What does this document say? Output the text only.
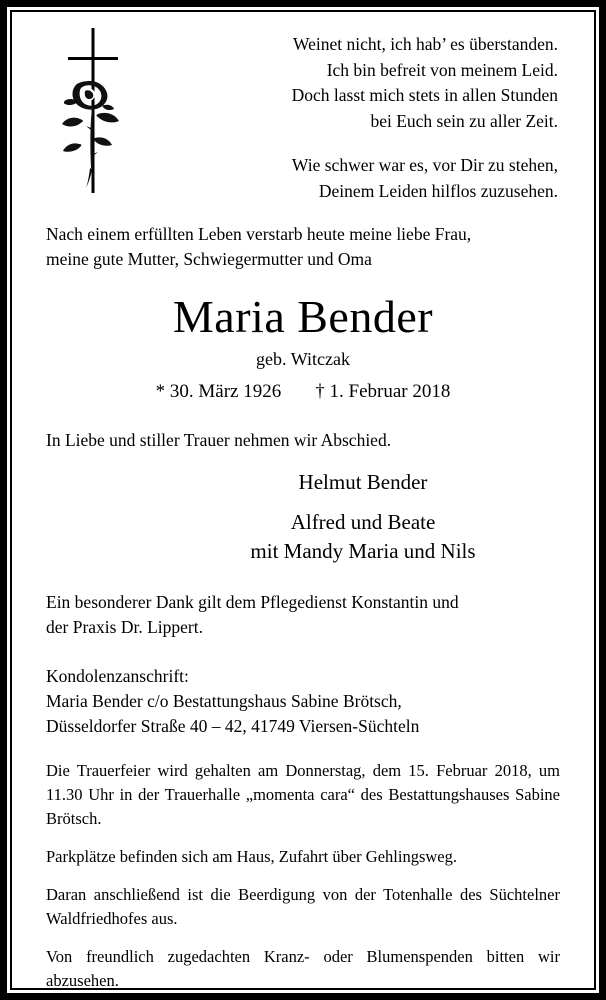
Weinet nicht, ich hab’ es überstanden.
Ich bin befreit von meinem Leid.
Doch lasst mich stets in allen Stunden
bei Euch sein zu aller Zeit.
Wie schwer war es, vor Dir zu stehen,
Deinem Leiden hilflos zuzusehen.
Nach einem erfüllten Leben verstarb heute meine liebe Frau,
meine gute Mutter, Schwiegermutter und Oma
Maria Bender
geb. Witczak
* 30. März 1926 † 1. Februar 2018
In Liebe und stiller Trauer nehmen wir Abschied.
Helmut Bender
Alfred und Beate
mit Mandy Maria und Nils
Ein besonderer Dank gilt dem Pflegedienst Konstantin und
der Praxis Dr. Lippert.
Kondolenzanschrift:
Maria Bender c/o Bestattungshaus Sabine Brötsch,
Düsseldorfer Straße 40 – 42, 41749 Viersen-Süchteln

Die Trauerfeier wird gehalten am Donnerstag, dem 15. Februar 2018, um 11.30 Uhr in der Trauerhalle „momenta cara“ des Bestattungshauses Sabine Brötsch.

Parkplätze befinden sich am Haus, Zufahrt über Gehlingsweg.

Daran anschließend ist die Beerdigung von der Totenhalle des Süchtelner Waldfriedhofes aus.

Von freundlich zugedachten Kranz- oder Blumenspenden bitten wir abzusehen.
